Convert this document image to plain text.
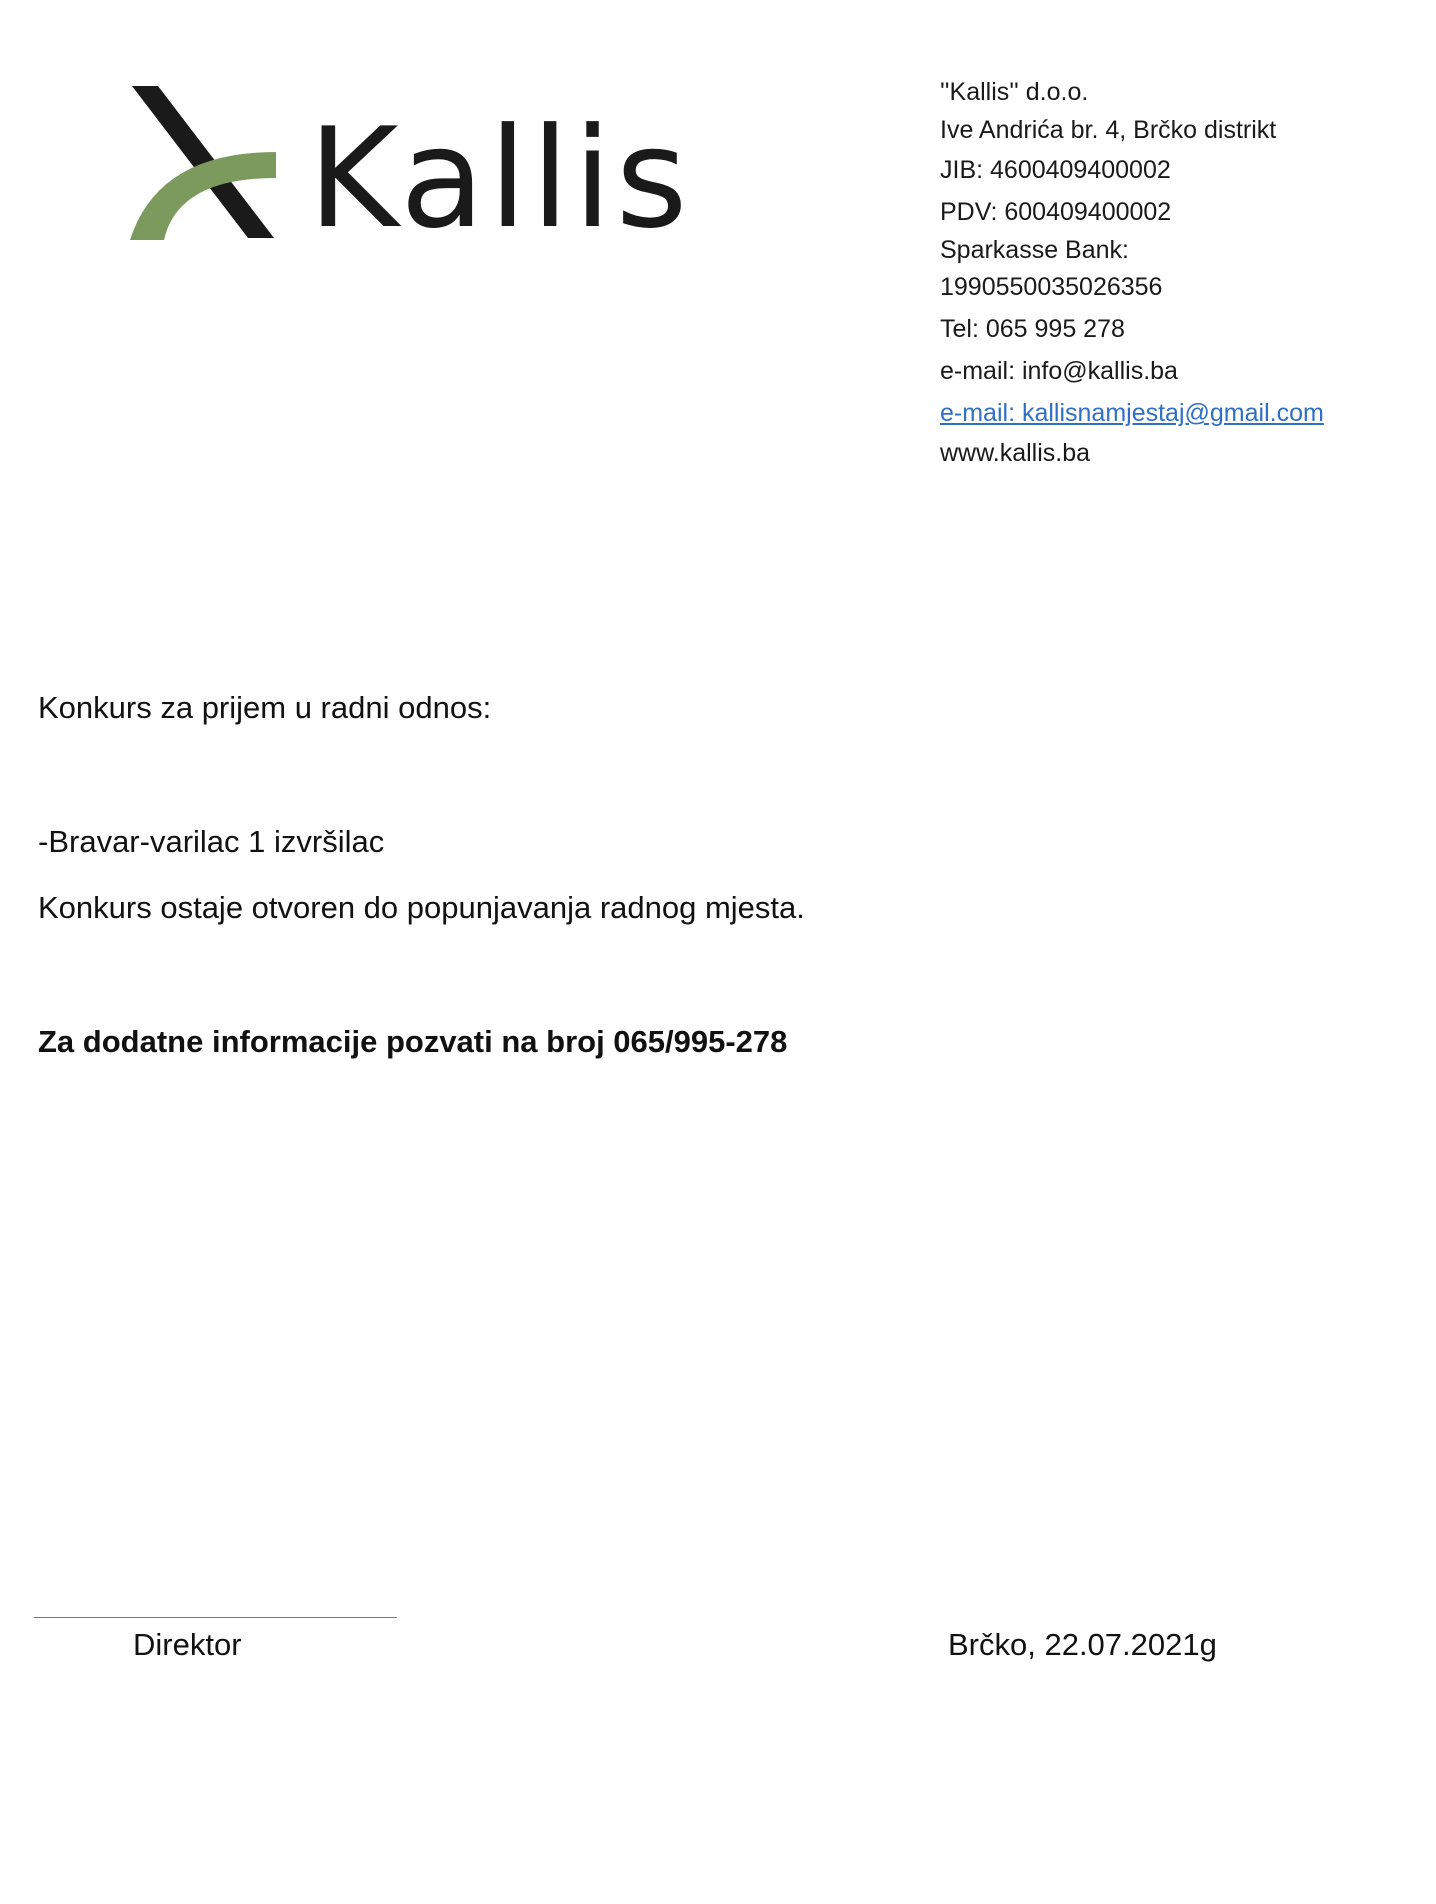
Kallis
''Kallis'' d.o.o.
Ive Andrića br. 4, Brčko distrikt
JIB: 4600409400002
PDV: 600409400002
Sparkasse Bank:
1990550035026356
Tel: 065 995 278
e-mail: info@kallis.ba
e-mail: kallisnamjestaj@gmail.com
www.kallis.ba
Konkurs za prijem u radni odnos:
-Bravar-varilac 1 izvršilac
Konkurs ostaje otvoren do popunjavanja radnog mjesta.
Za dodatne informacije pozvati na broj 065/995-278
Direktor	Brčko, 22.07.2021g
